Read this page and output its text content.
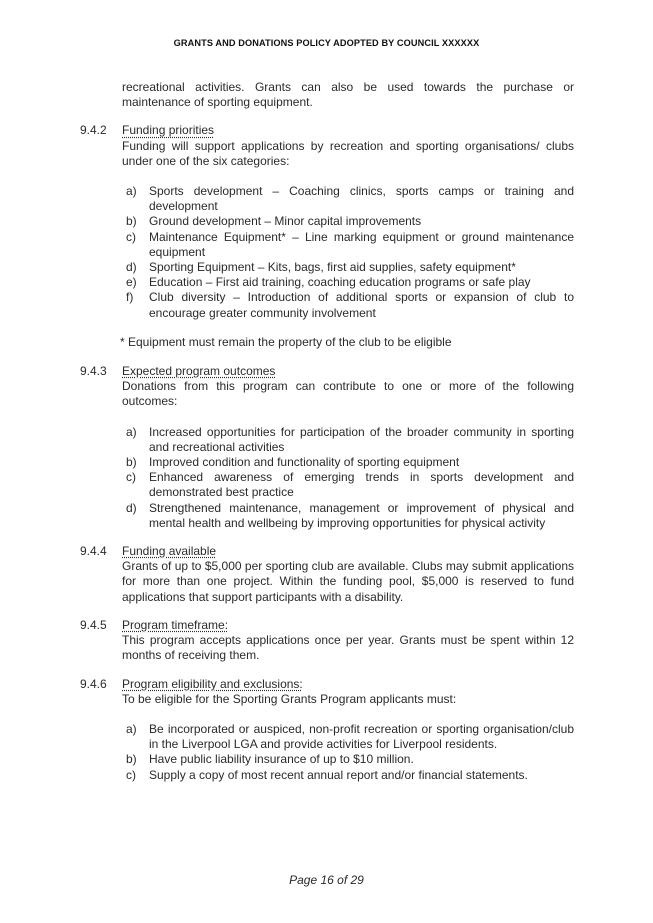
GRANTS AND DONATIONS POLICY ADOPTED BY COUNCIL XXXXXX

recreational activities. Grants can also be used towards the purchase or maintenance of sporting equipment.

9.4.2	Funding priorities

Funding will support applications by recreation and sporting organisations/ clubs under one of the six categories:

a)	Sports development – Coaching clinics, sports camps or training and development
b)	Ground development – Minor capital improvements
c)	Maintenance Equipment* – Line marking equipment or ground maintenance equipment
d)	Sporting Equipment – Kits, bags, first aid supplies, safety equipment*
e)	Education – First aid training, coaching education programs or safe play
f)	Club diversity – Introduction of additional sports or expansion of club to encourage greater community involvement

* Equipment must remain the property of the club to be eligible

9.4.3	Expected program outcomes

Donations from this program can contribute to one or more of the following outcomes:

a)	Increased opportunities for participation of the broader community in sporting and recreational activities
b)	Improved condition and functionality of sporting equipment
c)	Enhanced awareness of emerging trends in sports development and demonstrated best practice
d)	Strengthened maintenance, management or improvement of physical and mental health and wellbeing by improving opportunities for physical activity
9.4.4	Funding available

Grants of up to $5,000 per sporting club are available. Clubs may submit applications for more than one project. Within the funding pool, $5,000 is reserved to fund applications that support participants with a disability.

9.4.5	Program timeframe:

This program accepts applications once per year. Grants must be spent within 12 months of receiving them.

9.4.6	Program eligibility and exclusions:

To be eligible for the Sporting Grants Program applicants must:

a)	Be incorporated or auspiced, non-profit recreation or sporting organisation/club in the Liverpool LGA and provide activities for Liverpool residents.
b)	Have public liability insurance of up to $10 million.
c)	Supply a copy of most recent annual report and/or financial statements.
Page 16 of 29
